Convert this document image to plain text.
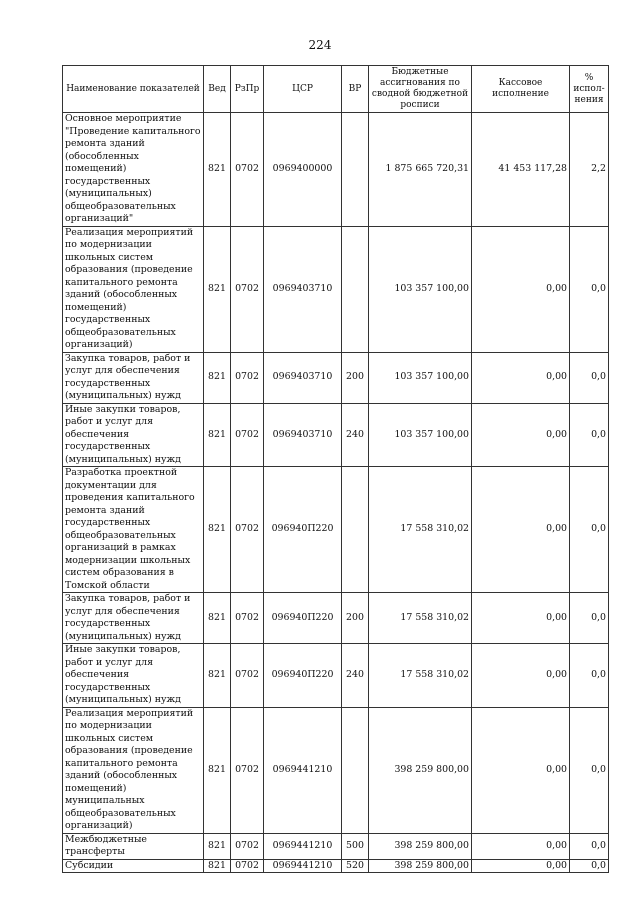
224
Наименование показателей	Вед	РзПр	ЦСР	ВР	Бюджетные ассигнования по сводной бюджетной росписи	Кассовое исполнение	% испол-нения
Основное мероприятие "Проведение капитального ремонта зданий (обособленных помещений) государственных (муниципальных) общеобразовательных организаций"	821	0702	0969400000		1 875 665 720,31	41 453 117,28	2,2
Реализация мероприятий по модернизации школьных систем образования (проведение капитального ремонта зданий (обособленных помещений) государственных общеобразовательных организаций)	821	0702	0969403710		103 357 100,00	0,00	0,0
Закупка товаров, работ и услуг для обеспечения государственных (муниципальных) нужд	821	0702	0969403710	200	103 357 100,00	0,00	0,0
Иные закупки товаров, работ и услуг для обеспечения государственных (муниципальных) нужд	821	0702	0969403710	240	103 357 100,00	0,00	0,0
Разработка проектной документации для проведения капитального ремонта зданий государственных общеобразовательных организаций в рамках модернизации школьных систем образования в Томской области	821	0702	096940П220		17 558 310,02	0,00	0,0
Закупка товаров, работ и услуг для обеспечения государственных (муниципальных) нужд	821	0702	096940П220	200	17 558 310,02	0,00	0,0
Иные закупки товаров, работ и услуг для обеспечения государственных (муниципальных) нужд	821	0702	096940П220	240	17 558 310,02	0,00	0,0
Реализация мероприятий по модернизации школьных систем образования (проведение капитального ремонта зданий (обособленных помещений) муниципальных общеобразовательных организаций)	821	0702	0969441210		398 259 800,00	0,00	0,0
Межбюджетные трансферты	821	0702	0969441210	500	398 259 800,00	0,00	0,0
Субсидии	821	0702	0969441210	520	398 259 800,00	0,00	0,0
